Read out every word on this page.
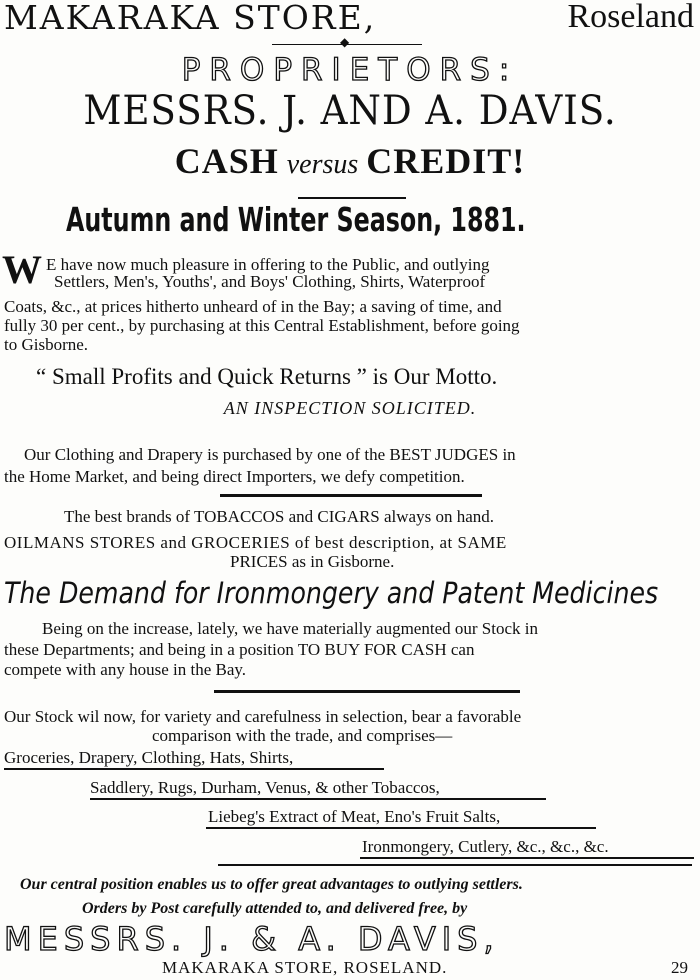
MAKARAKA STORE,	Roseland
◆
PROPRIETORS:
MESSRS. J. AND A. DAVIS.
CASH versus CREDIT!
Autumn and Winter Season, 1881.
W E have now much pleasure in offering to the Public, and outlying
Settlers, Men's, Youths', and Boys' Clothing, Shirts, Waterproof
Coats, &c., at prices hitherto unheard of in the Bay; a saving of time, and
fully 30 per cent., by purchasing at this Central Establishment, before going
to Gisborne.
“ Small Profits and Quick Returns ” is Our Motto.
AN INSPECTION SOLICITED.
Our Clothing and Drapery is purchased by one of the BEST JUDGES in
the Home Market, and being direct Importers, we defy competition.
The best brands of TOBACCOS and CIGARS always on hand.
OILMANS STORES and GROCERIES of best description, at SAME
PRICES as in Gisborne.
The Demand for Ironmongery and Patent Medicines
Being on the increase, lately, we have materially augmented our Stock in
these Departments; and being in a position TO BUY FOR CASH can
compete with any house in the Bay.
Our Stock wil now, for variety and carefulness in selection, bear a favorable
comparison with the trade, and comprises—
Groceries, Drapery, Clothing, Hats, Shirts,
Saddlery, Rugs, Durham, Venus, & other Tobaccos,
Liebeg's Extract of Meat, Eno's Fruit Salts,
Ironmongery, Cutlery, &c., &c., &c.
Our central position enables us to offer great advantages to outlying settlers.
Orders by Post carefully attended to, and delivered free, by
MESSRS. J. & A. DAVIS,
MAKARAKA STORE, ROSELAND.	29
